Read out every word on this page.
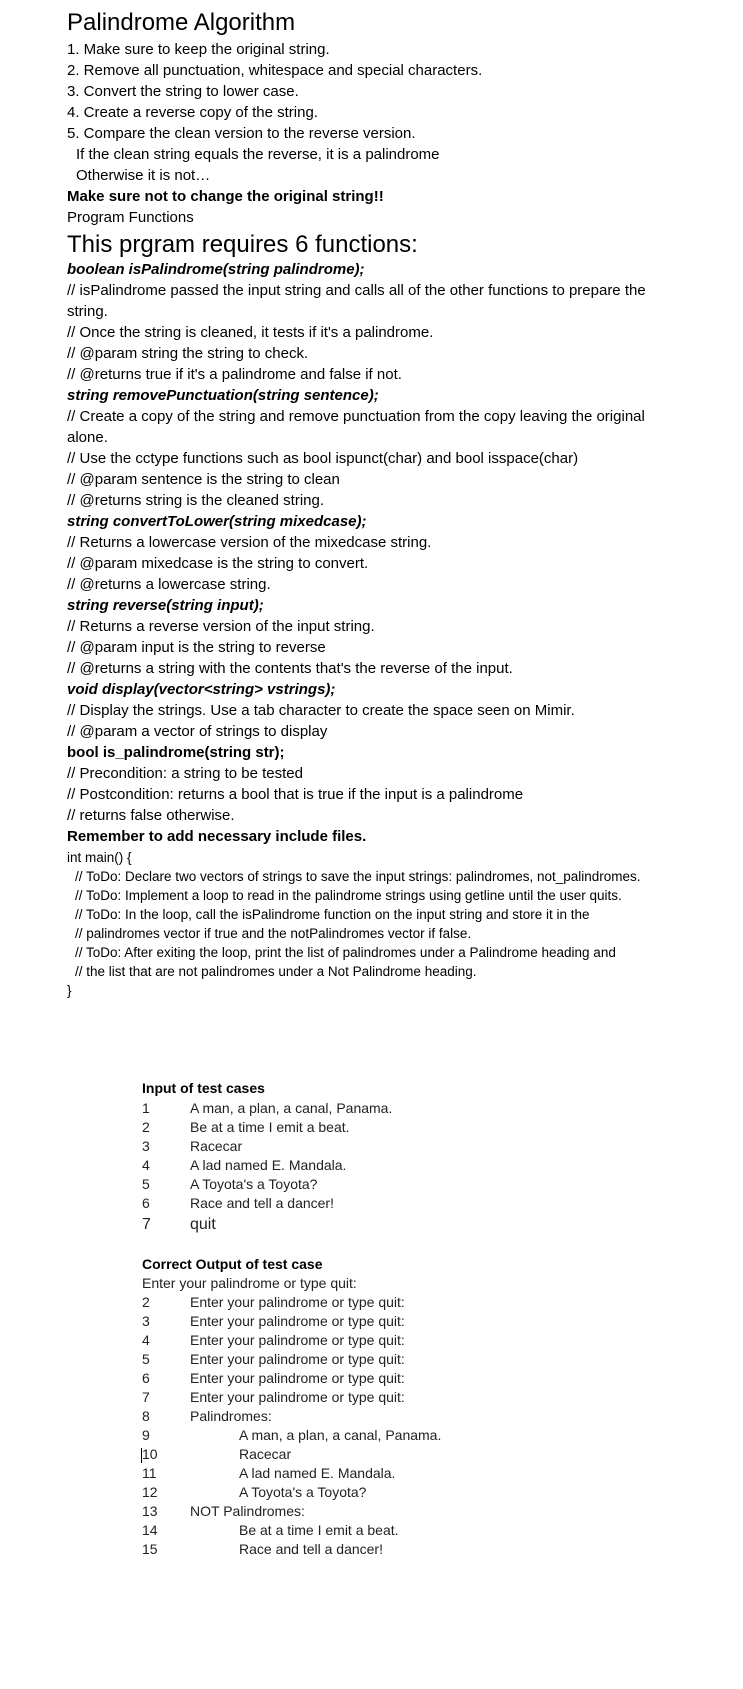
Palindrome Algorithm
1. Make sure to keep the original string.
2. Remove all punctuation, whitespace and special characters.
3. Convert the string to lower case.
4. Create a reverse copy of the string.
5. Compare the clean version to the reverse version.
If the clean string equals the reverse, it is a palindrome
Otherwise it is not…
Make sure not to change the original string!!
Program Functions
This prgram requires 6 functions:
boolean isPalindrome(string palindrome);
// isPalindrome passed the input string and calls all of the other functions to prepare the
string.
// Once the string is cleaned, it tests if it's a palindrome.
// @param string the string to check.
// @returns true if it's a palindrome and false if not.
string removePunctuation(string sentence);
// Create a copy of the string and remove punctuation from the copy leaving the original
alone.
// Use the cctype functions such as bool ispunct(char) and bool isspace(char)
// @param sentence is the string to clean
// @returns string is the cleaned string.
string convertToLower(string mixedcase);
// Returns a lowercase version of the mixedcase string.
// @param mixedcase is the string to convert.
// @returns a lowercase string.
string reverse(string input);
// Returns a reverse version of the input string.
// @param input is the string to reverse
// @returns a string with the contents that's the reverse of the input.
void display(vector<string> vstrings);
// Display the strings. Use a tab character to create the space seen on Mimir.
// @param a vector of strings to display
bool is_palindrome(string str);
// Precondition: a string to be tested
// Postcondition: returns a bool that is true if the input is a palindrome
// returns false otherwise.
Remember to add necessary include files.
int main() {
// ToDo: Declare two vectors of strings to save the input strings: palindromes, not_palindromes.
// ToDo: Implement a loop to read in the palindrome strings using getline until the user quits.
// ToDo: In the loop, call the isPalindrome function on the input string and store it in the
// palindromes vector if true and the notPalindromes vector if false.
// ToDo: After exiting the loop, print the list of palindromes under a Palindrome heading and
// the list that are not palindromes under a Not Palindrome heading.
}
Input of test cases
1	A man, a plan, a canal, Panama.
2	Be at a time I emit a beat.
3	Racecar
4	A lad named E. Mandala.
5	A Toyota's a Toyota?
6	Race and tell a dancer!
7 quit
Correct Output of test case
Enter your palindrome or type quit:
2	Enter your palindrome or type quit:
3	Enter your palindrome or type quit:
4	Enter your palindrome or type quit:
5	Enter your palindrome or type quit:
6	Enter your palindrome or type quit:
7	Enter your palindrome or type quit:
8	Palindromes:
9	A man, a plan, a canal, Panama.
10	Racecar
11	A lad named E. Mandala.
12	A Toyota's a Toyota?
13 NOT Palindromes:
14	Be at a time I emit a beat.
15	Race and tell a dancer!
